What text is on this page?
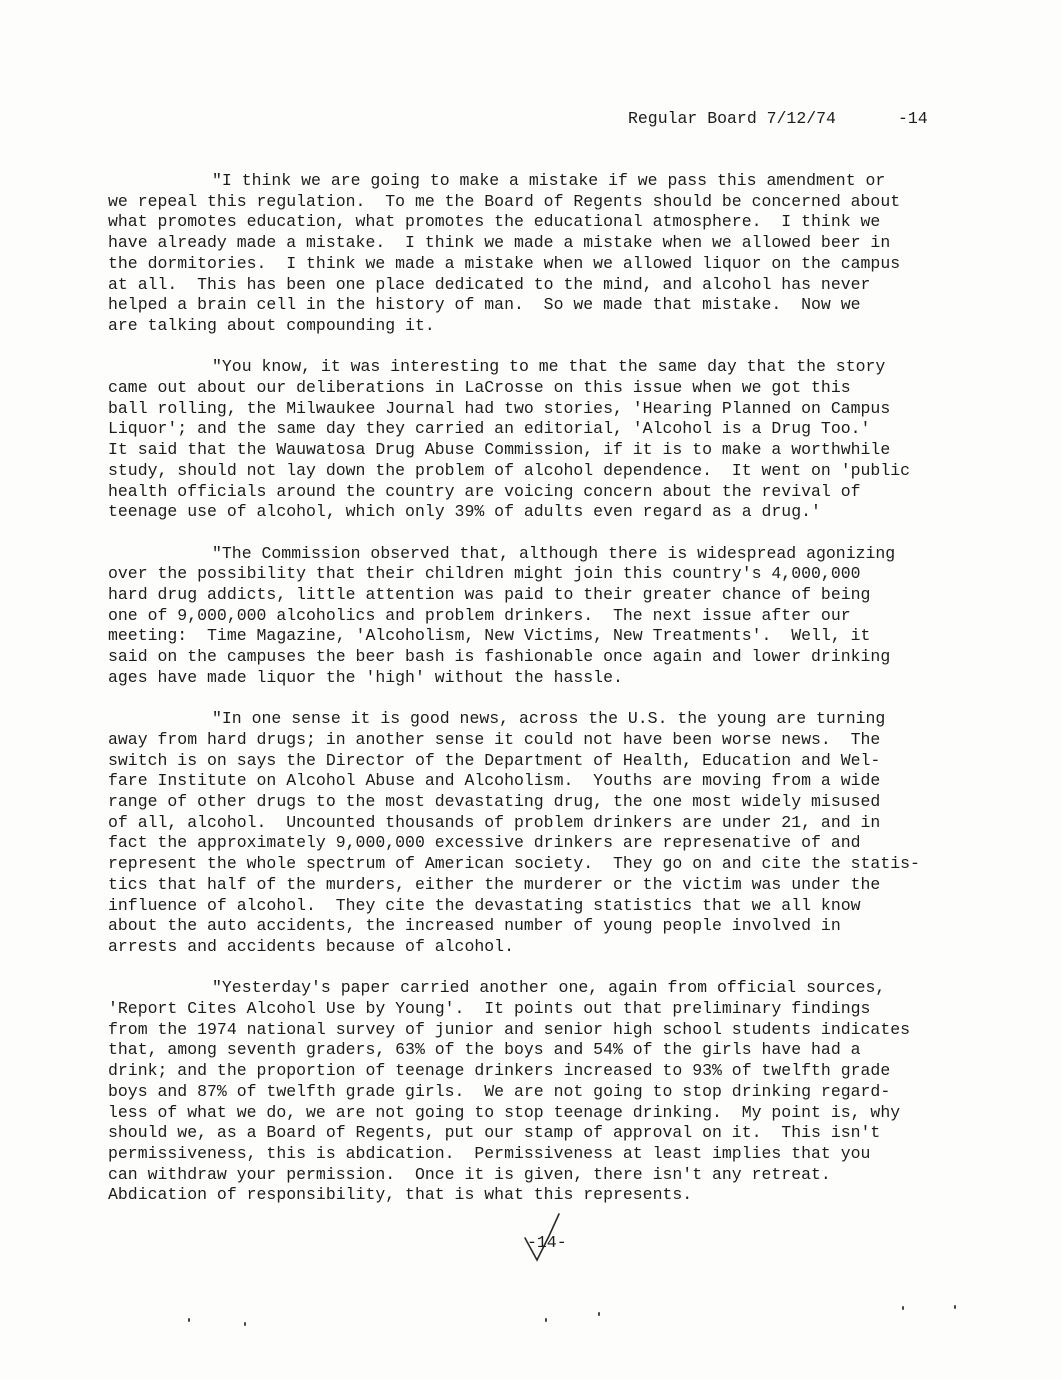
Regular Board 7/12/74	-14
"I think we are going to make a mistake if we pass this amendment or
we repeal this regulation.  To me the Board of Regents should be concerned about
what promotes education, what promotes the educational atmosphere.  I think we
have already made a mistake.  I think we made a mistake when we allowed beer in
the dormitories.  I think we made a mistake when we allowed liquor on the campus
at all.  This has been one place dedicated to the mind, and alcohol has never
helped a brain cell in the history of man.  So we made that mistake.  Now we
are talking about compounding it.
"You know, it was interesting to me that the same day that the story
came out about our deliberations in LaCrosse on this issue when we got this
ball rolling, the Milwaukee Journal had two stories, 'Hearing Planned on Campus
Liquor'; and the same day they carried an editorial, 'Alcohol is a Drug Too.'
It said that the Wauwatosa Drug Abuse Commission, if it is to make a worthwhile
study, should not lay down the problem of alcohol dependence.  It went on 'public
health officials around the country are voicing concern about the revival of
teenage use of alcohol, which only 39% of adults even regard as a drug.'
"The Commission observed that, although there is widespread agonizing
over the possibility that their children might join this country's 4,000,000
hard drug addicts, little attention was paid to their greater chance of being
one of 9,000,000 alcoholics and problem drinkers.  The next issue after our
meeting:  Time Magazine, 'Alcoholism, New Victims, New Treatments'.  Well, it
said on the campuses the beer bash is fashionable once again and lower drinking
ages have made liquor the 'high' without the hassle.
"In one sense it is good news, across the U.S. the young are turning
away from hard drugs; in another sense it could not have been worse news.  The
switch is on says the Director of the Department of Health, Education and Wel-
fare Institute on Alcohol Abuse and Alcoholism.  Youths are moving from a wide
range of other drugs to the most devastating drug, the one most widely misused
of all, alcohol.  Uncounted thousands of problem drinkers are under 21, and in
fact the approximately 9,000,000 excessive drinkers are represenative of and
represent the whole spectrum of American society.  They go on and cite the statis-
tics that half of the murders, either the murderer or the victim was under the
influence of alcohol.  They cite the devastating statistics that we all know
about the auto accidents, the increased number of young people involved in
arrests and accidents because of alcohol.
"Yesterday's paper carried another one, again from official sources,
'Report Cites Alcohol Use by Young'.  It points out that preliminary findings
from the 1974 national survey of junior and senior high school students indicates
that, among seventh graders, 63% of the boys and 54% of the girls have had a
drink; and the proportion of teenage drinkers increased to 93% of twelfth grade
boys and 87% of twelfth grade girls.  We are not going to stop drinking regard-
less of what we do, we are not going to stop teenage drinking.  My point is, why
should we, as a Board of Regents, put our stamp of approval on it.  This isn't
permissiveness, this is abdication.  Permissiveness at least implies that you
can withdraw your permission.  Once it is given, there isn't any retreat.
Abdication of responsibility, that is what this represents.
-14-
